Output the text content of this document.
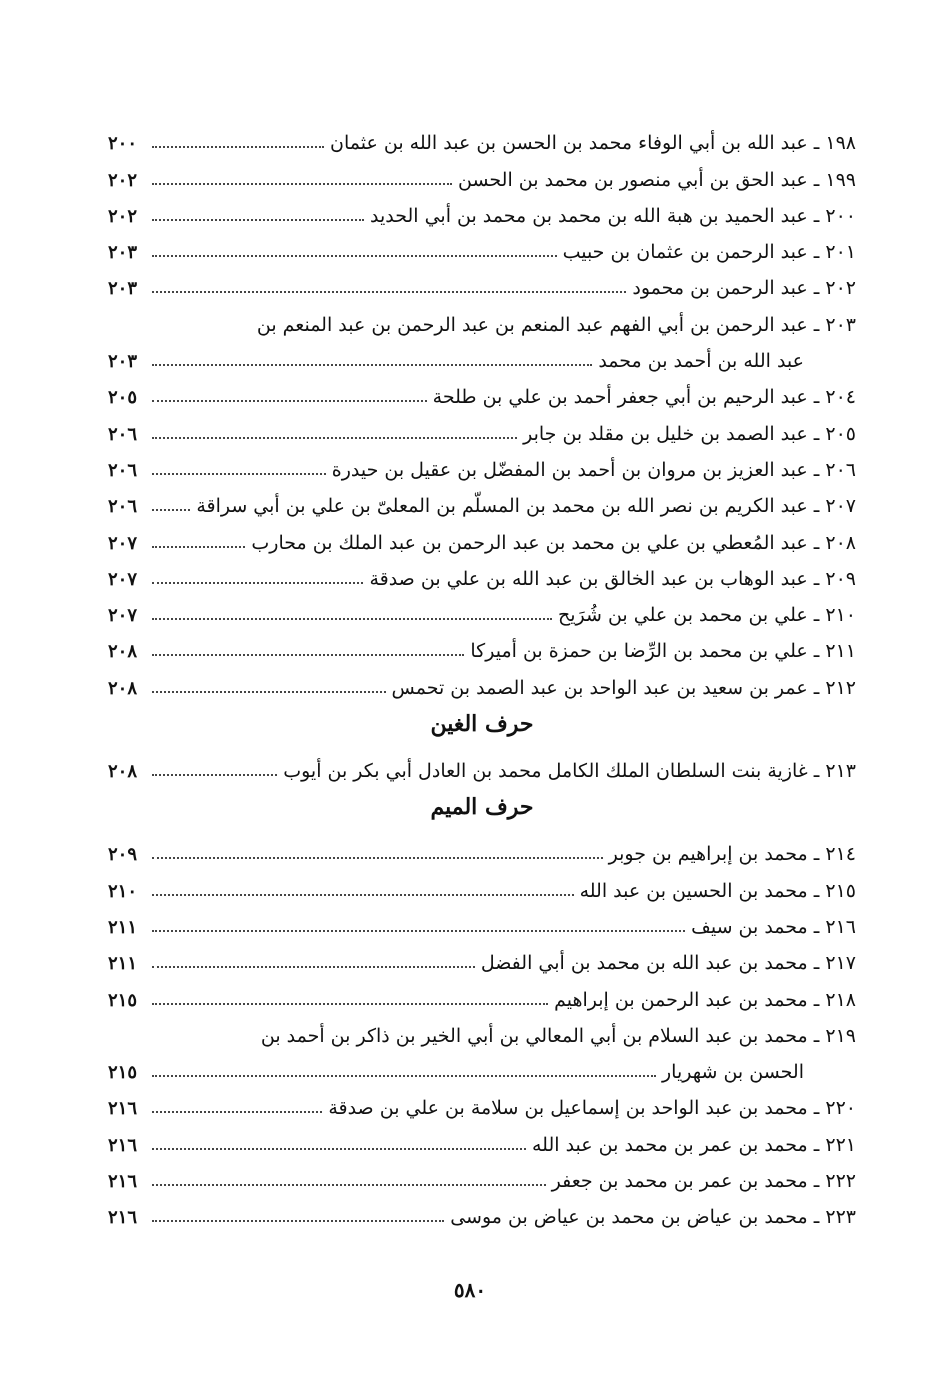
١٩٨ ـ عبد الله بن أبي الوفاء محمد بن الحسن بن عبد الله بن عثمان
٢٠٠
١٩٩ ـ عبد الحق بن أبي منصور بن محمد بن الحسن
٢٠٢
٢٠٠ ـ عبد الحميد بن هبة الله بن محمد بن محمد بن أبي الحديد
٢٠٢
٢٠١ ـ عبد الرحمن بن عثمان بن حبيب
٢٠٣
٢٠٢ ـ عبد الرحمن بن محمود
٢٠٣
٢٠٣ ـ عبد الرحمن بن أبي الفهم عبد المنعم بن عبد الرحمن بن عبد المنعم بن
عبد الله بن أحمد بن محمد
٢٠٣
٢٠٤ ـ عبد الرحيم بن أبي جعفر أحمد بن علي بن طلحة
٢٠٥
٢٠٥ ـ عبد الصمد بن خليل بن مقلد بن جابر
٢٠٦
٢٠٦ ـ عبد العزيز بن مروان بن أحمد بن المفضّل بن عقيل بن حيدرة
٢٠٦
٢٠٧ ـ عبد الكريم بن نصر الله بن محمد بن المسلّم بن المعلىّ بن علي بن أبي سراقة
٢٠٦
٢٠٨ ـ عبد المُعطي بن علي بن محمد بن عبد الرحمن بن عبد الملك بن محارب
٢٠٧
٢٠٩ ـ عبد الوهاب بن عبد الخالق بن عبد الله بن علي بن صدقة
٢٠٧
٢١٠ ـ علي بن محمد بن علي بن شُرَيح
٢٠٧
٢١١ ـ علي بن محمد بن الرِّضا بن حمزة بن أميركا
٢٠٨
٢١٢ ـ عمر بن سعيد بن عبد الواحد بن عبد الصمد بن تحمس
٢٠٨
حرف الغين
٢١٣ ـ غازية بنت السلطان الملك الكامل محمد بن العادل أبي بكر بن أيوب
٢٠٨
حرف الميم
٢١٤ ـ محمد بن إبراهيم بن جوبر
٢٠٩
٢١٥ ـ محمد بن الحسين بن عبد الله
٢١٠
٢١٦ ـ محمد بن سيف
٢١١
٢١٧ ـ محمد بن عبد الله بن محمد بن أبي الفضل
٢١١
٢١٨ ـ محمد بن عبد الرحمن بن إبراهيم
٢١٥
٢١٩ ـ محمد بن عبد السلام بن أبي المعالي بن أبي الخير بن ذاكر بن أحمد بن
الحسن بن شهريار
٢١٥
٢٢٠ ـ محمد بن عبد الواحد بن إسماعيل بن سلامة بن علي بن صدقة
٢١٦
٢٢١ ـ محمد بن عمر بن محمد بن عبد الله
٢١٦
٢٢٢ ـ محمد بن عمر بن محمد بن جعفر
٢١٦
٢٢٣ ـ محمد بن عياض بن محمد بن عياض بن موسى
٢١٦
٥٨٠
